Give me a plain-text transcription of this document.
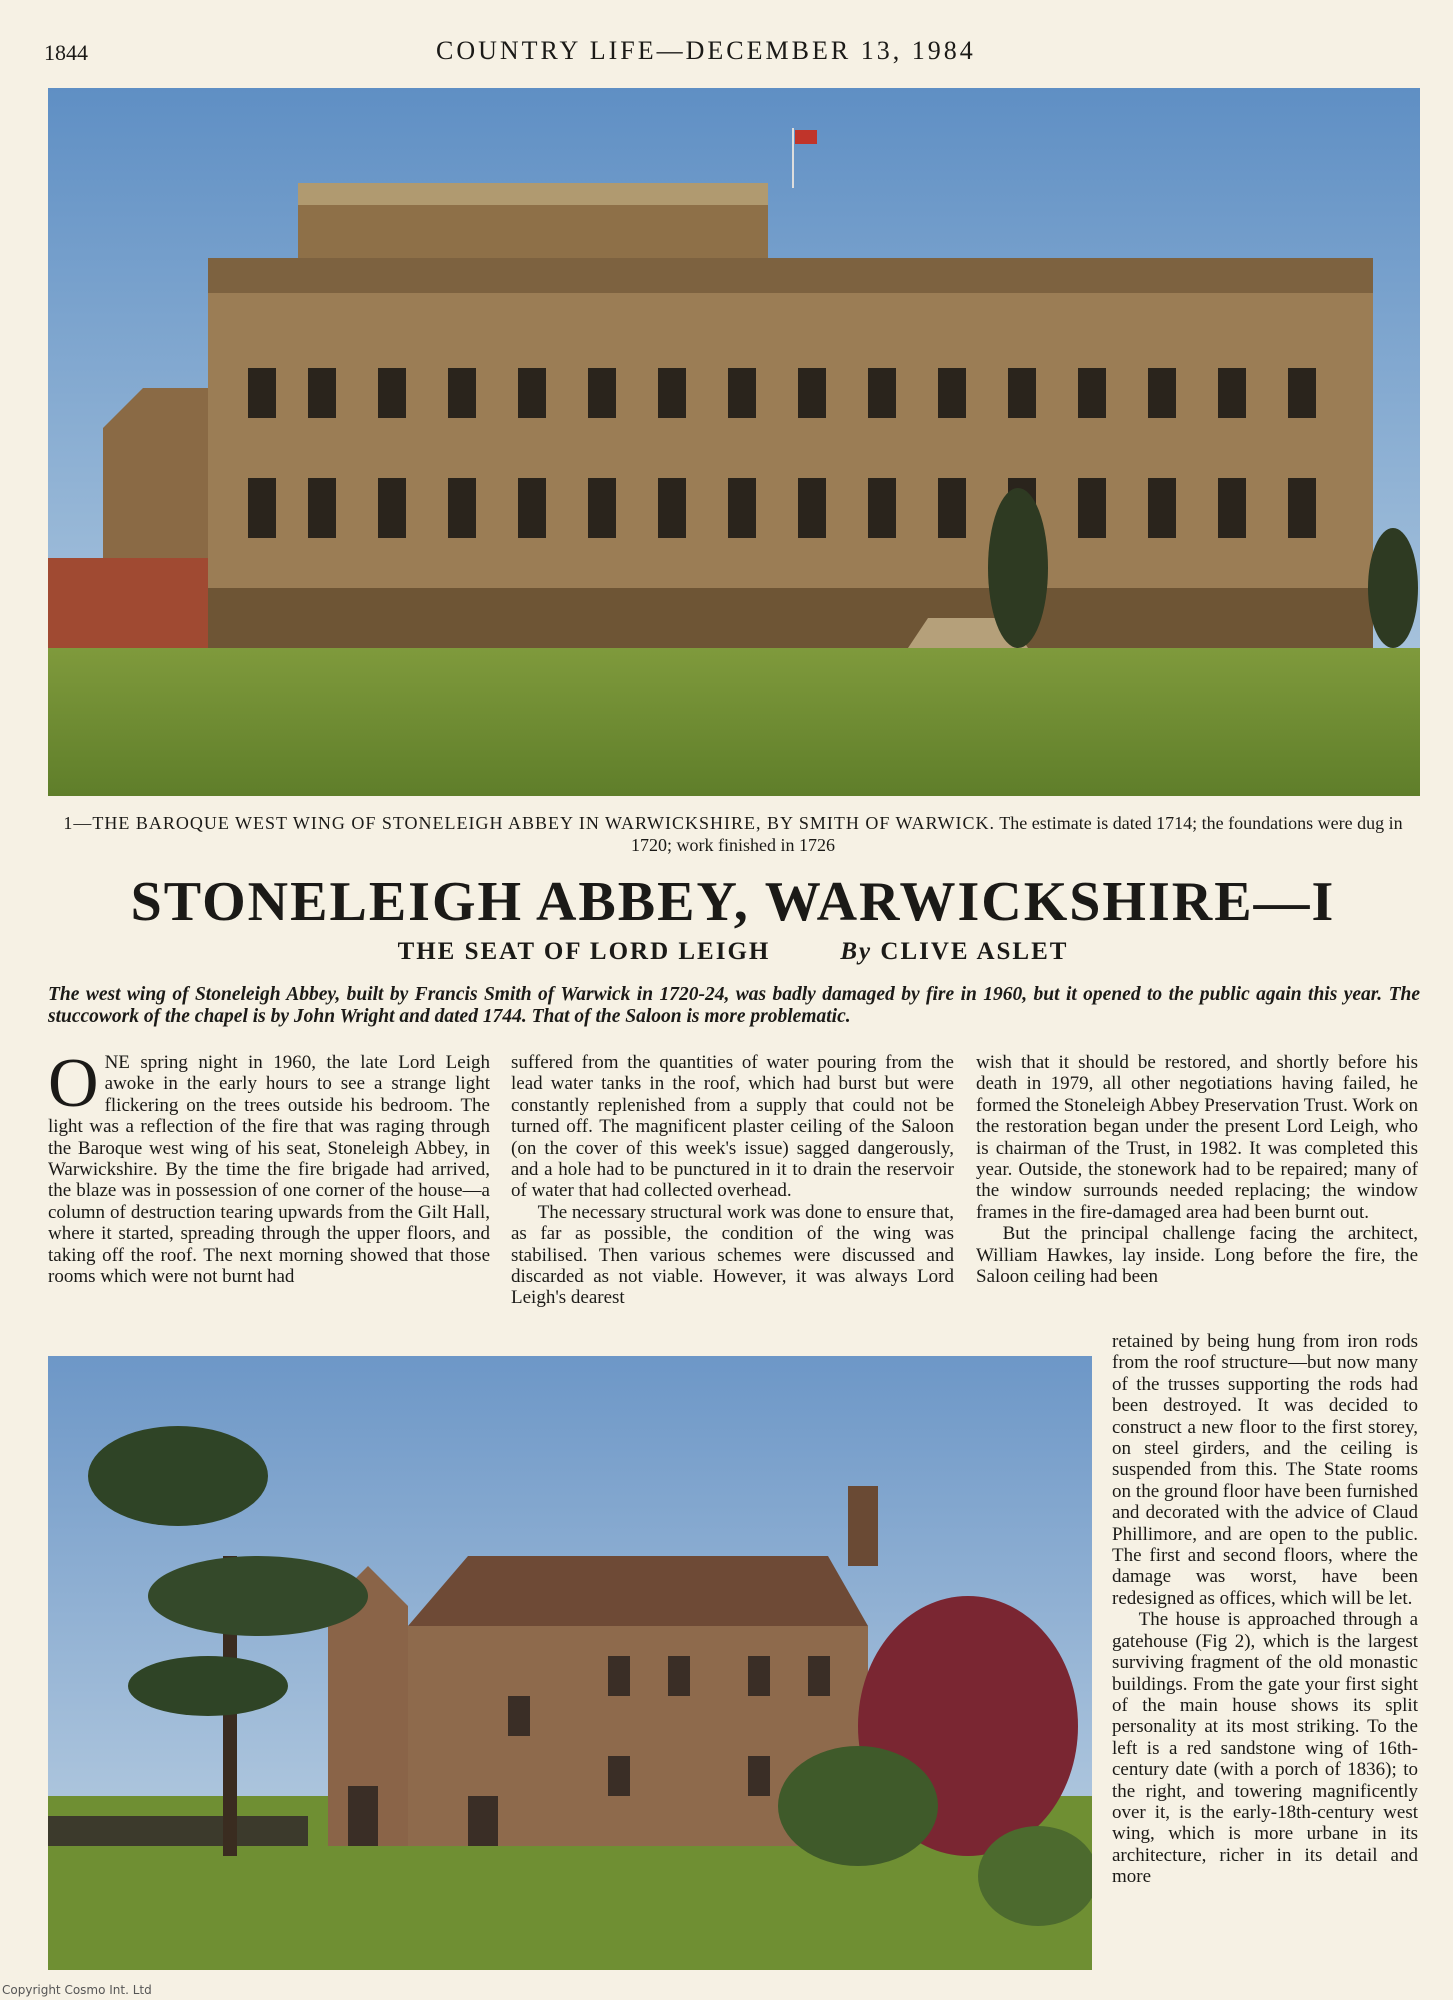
1844	COUNTRY LIFE—DECEMBER 13, 1984
1—THE BAROQUE WEST WING OF STONELEIGH ABBEY IN WARWICKSHIRE, BY SMITH OF WARWICK. The estimate is dated 1714; the foundations were dug in 1720; work finished in 1726
STONELEIGH ABBEY, WARWICKSHIRE—I
THE SEAT OF LORD LEIGH	By CLIVE ASLET
The west wing of Stoneleigh Abbey, built by Francis Smith of Warwick in 1720-24, was badly damaged by fire in 1960, but it opened to the public again this year. The stuccowork of the chapel is by John Wright and dated 1744. That of the Saloon is more problematic.

ONE spring night in 1960, the late Lord Leigh awoke in the early hours to see a strange light flickering on the trees outside his bedroom. The light was a reflection of the fire that was raging through the Baroque west wing of his seat, Stoneleigh Abbey, in Warwickshire. By the time the fire brigade had arrived, the blaze was in possession of one corner of the house—a column of destruction tearing upwards from the Gilt Hall, where it started, spreading through the upper floors, and taking off the roof. The next morning showed that those rooms which were not burnt had

suffered from the quantities of water pouring from the lead water tanks in the roof, which had burst but were constantly replenished from a supply that could not be turned off. The magnificent plaster ceiling of the Saloon (on the cover of this week's issue) sagged dangerously, and a hole had to be punctured in it to drain the reservoir of water that had collected overhead.

The necessary structural work was done to ensure that, as far as possible, the condition of the wing was stabilised. Then various schemes were discussed and discarded as not viable. However, it was always Lord Leigh's dearest

wish that it should be restored, and shortly before his death in 1979, all other negotiations having failed, he formed the Stoneleigh Abbey Preservation Trust. Work on the restoration began under the present Lord Leigh, who is chairman of the Trust, in 1982. It was completed this year. Outside, the stonework had to be repaired; many of the window surrounds needed replacing; the window frames in the fire-damaged area had been burnt out.

But the principal challenge facing the architect, William Hawkes, lay inside. Long before the fire, the Saloon ceiling had been

retained by being hung from iron rods from the roof structure—but now many of the trusses supporting the rods had been destroyed. It was decided to construct a new floor to the first storey, on steel girders, and the ceiling is suspended from this. The State rooms on the ground floor have been furnished and decorated with the advice of Claud Phillimore, and are open to the public. The first and second floors, where the damage was worst, have been redesigned as offices, which will be let.

The house is approached through a gatehouse (Fig 2), which is the largest surviving fragment of the old monastic buildings. From the gate your first sight of the main house shows its split personality at its most striking. To the left is a red sandstone wing of 16th-century date (with a porch of 1836); to the right, and towering magnificently over it, is the early-18th-century west wing, which is more urbane in its architecture, richer in its detail and more

Copyright Cosmo Int. Ltd
